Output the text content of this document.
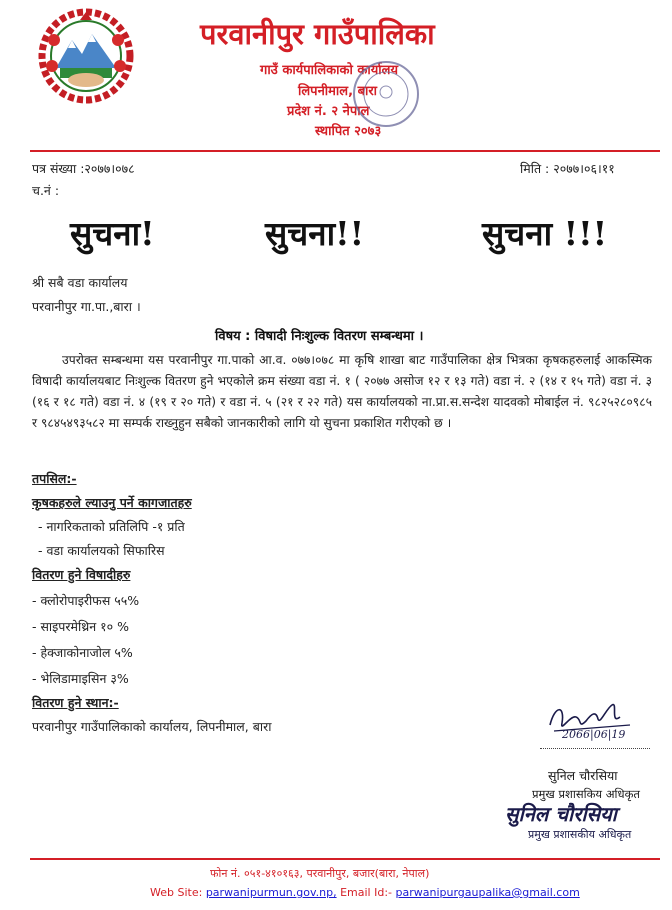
परवानीपुर गाउँपालिका
गाउँ कार्यपालिकाको कार्यालय
लिपनीमाल, बारा
प्रदेश नं. २ नेपाल
स्थापित २०७३
पत्र संख्या :२०७७।०७८	मिति : २०७७।०६।११
च.नं :
सुचना!	सुचना!!	सुचना !!!
श्री सबै वडा कार्यालय
परवानीपुर गा.पा.,बारा ।
विषय : विषादी निःशुल्क वितरण सम्बन्धमा ।
उपरोक्त सम्बन्धमा यस परवानीपुर गा.पाको आ.व. ०७७।०७८ मा कृषि शाखा बाट गाउँपालिका क्षेत्र भित्रका कृषकहरुलाई आकस्मिक विषादी कार्यालयबाट निःशुल्क वितरण हुने भएकोले क्रम संख्या वडा नं. १ ( २०७७ असोज १२ र १३ गते) वडा नं. २ (१४ र १५ गते) वडा नं. ३ (१६ र १८ गते) वडा नं. ४ (१९ र २० गते) र वडा नं. ५ (२१ र २२ गते) यस कार्यालयको ना.प्रा.स.सन्देश यादवको मोबाईल नं. ९८२५२८०९८५ र ९८४५४९३५८२ मा सम्पर्क राख्नुहुन सबैको जानकारीको लागि यो सुचना प्रकाशित गरीएको छ ।
तपसिल:-
कृषकहरुले ल्याउनु पर्ने कागजातहरु
- नागरिकताको प्रतिलिपि -१ प्रति
- वडा कार्यालयको सिफारिस
वितरण हुने विषादीहरु
- क्लोरोपाइरीफस ५५%
- साइपरमेथ्रिन १० %
- हेक्जाकोनाजोल ५%
- भेलिडामाइसिन ३%
वितरण हुने स्थान:-
परवानीपुर गाउँपालिकाको कार्यालय, लिपनीमाल, बारा
2066|06|19
सुनिल चौरसिया
प्रमुख प्रशासकिय अधिकृत
सुनिल चौरसिया
प्रमुख प्रशासकीय अधिकृत
फोन नं. ०५१-४१०१६३, परवानीपुर, बजार(बारा, नेपाल)
Web Site: parwanipurmun.gov.np, Email Id:- parwanipurgaupalika@gmail.com
